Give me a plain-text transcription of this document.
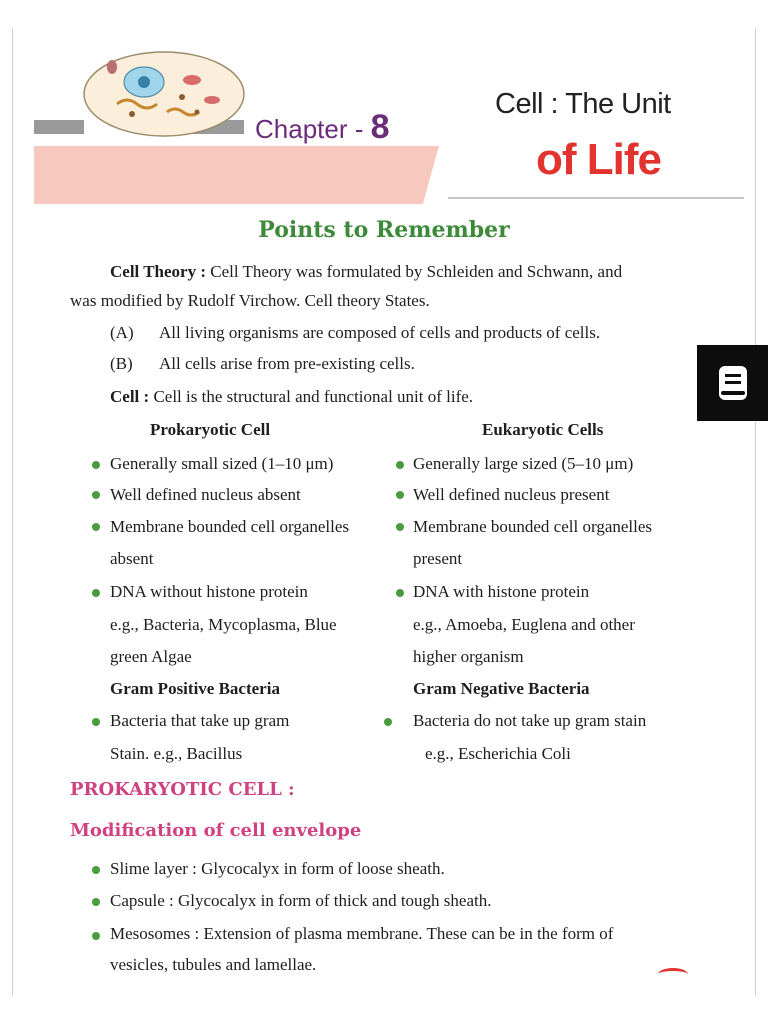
Chapter - 8
Cell : The Unit
of Life
Points to Remember
Cell Theory : Cell Theory was formulated by Schleiden and Schwann, and
was modified by Rudolf Virchow. Cell theory States.
(A) All living organisms are composed of cells and products of cells.
(B) All cells arise from pre-existing cells.
Cell : Cell is the structural and functional unit of life.
Prokaryotic Cell	Eukaryotic Cells
Generally small sized (1–10 μm)
Well defined nucleus absent
Membrane bounded cell organelles
absent
DNA without histone protein
e.g., Bacteria, Mycoplasma, Blue
green Algae
Generally large sized (5–10 μm)
Well defined nucleus present
Membrane bounded cell organelles
present
DNA with histone protein
e.g., Amoeba, Euglena and other
higher organism
Gram Positive Bacteria	Gram Negative Bacteria
Bacteria that take up gram
Stain. e.g., Bacillus
Bacteria do not take up gram stain
e.g., Escherichia Coli
PROKARYOTIC CELL :
Modification of cell envelope
Slime layer : Glycocalyx in form of loose sheath.
Capsule : Glycocalyx in form of thick and tough sheath.
Mesosomes : Extension of plasma membrane. These can be in the form of
vesicles, tubules and lamellae.
